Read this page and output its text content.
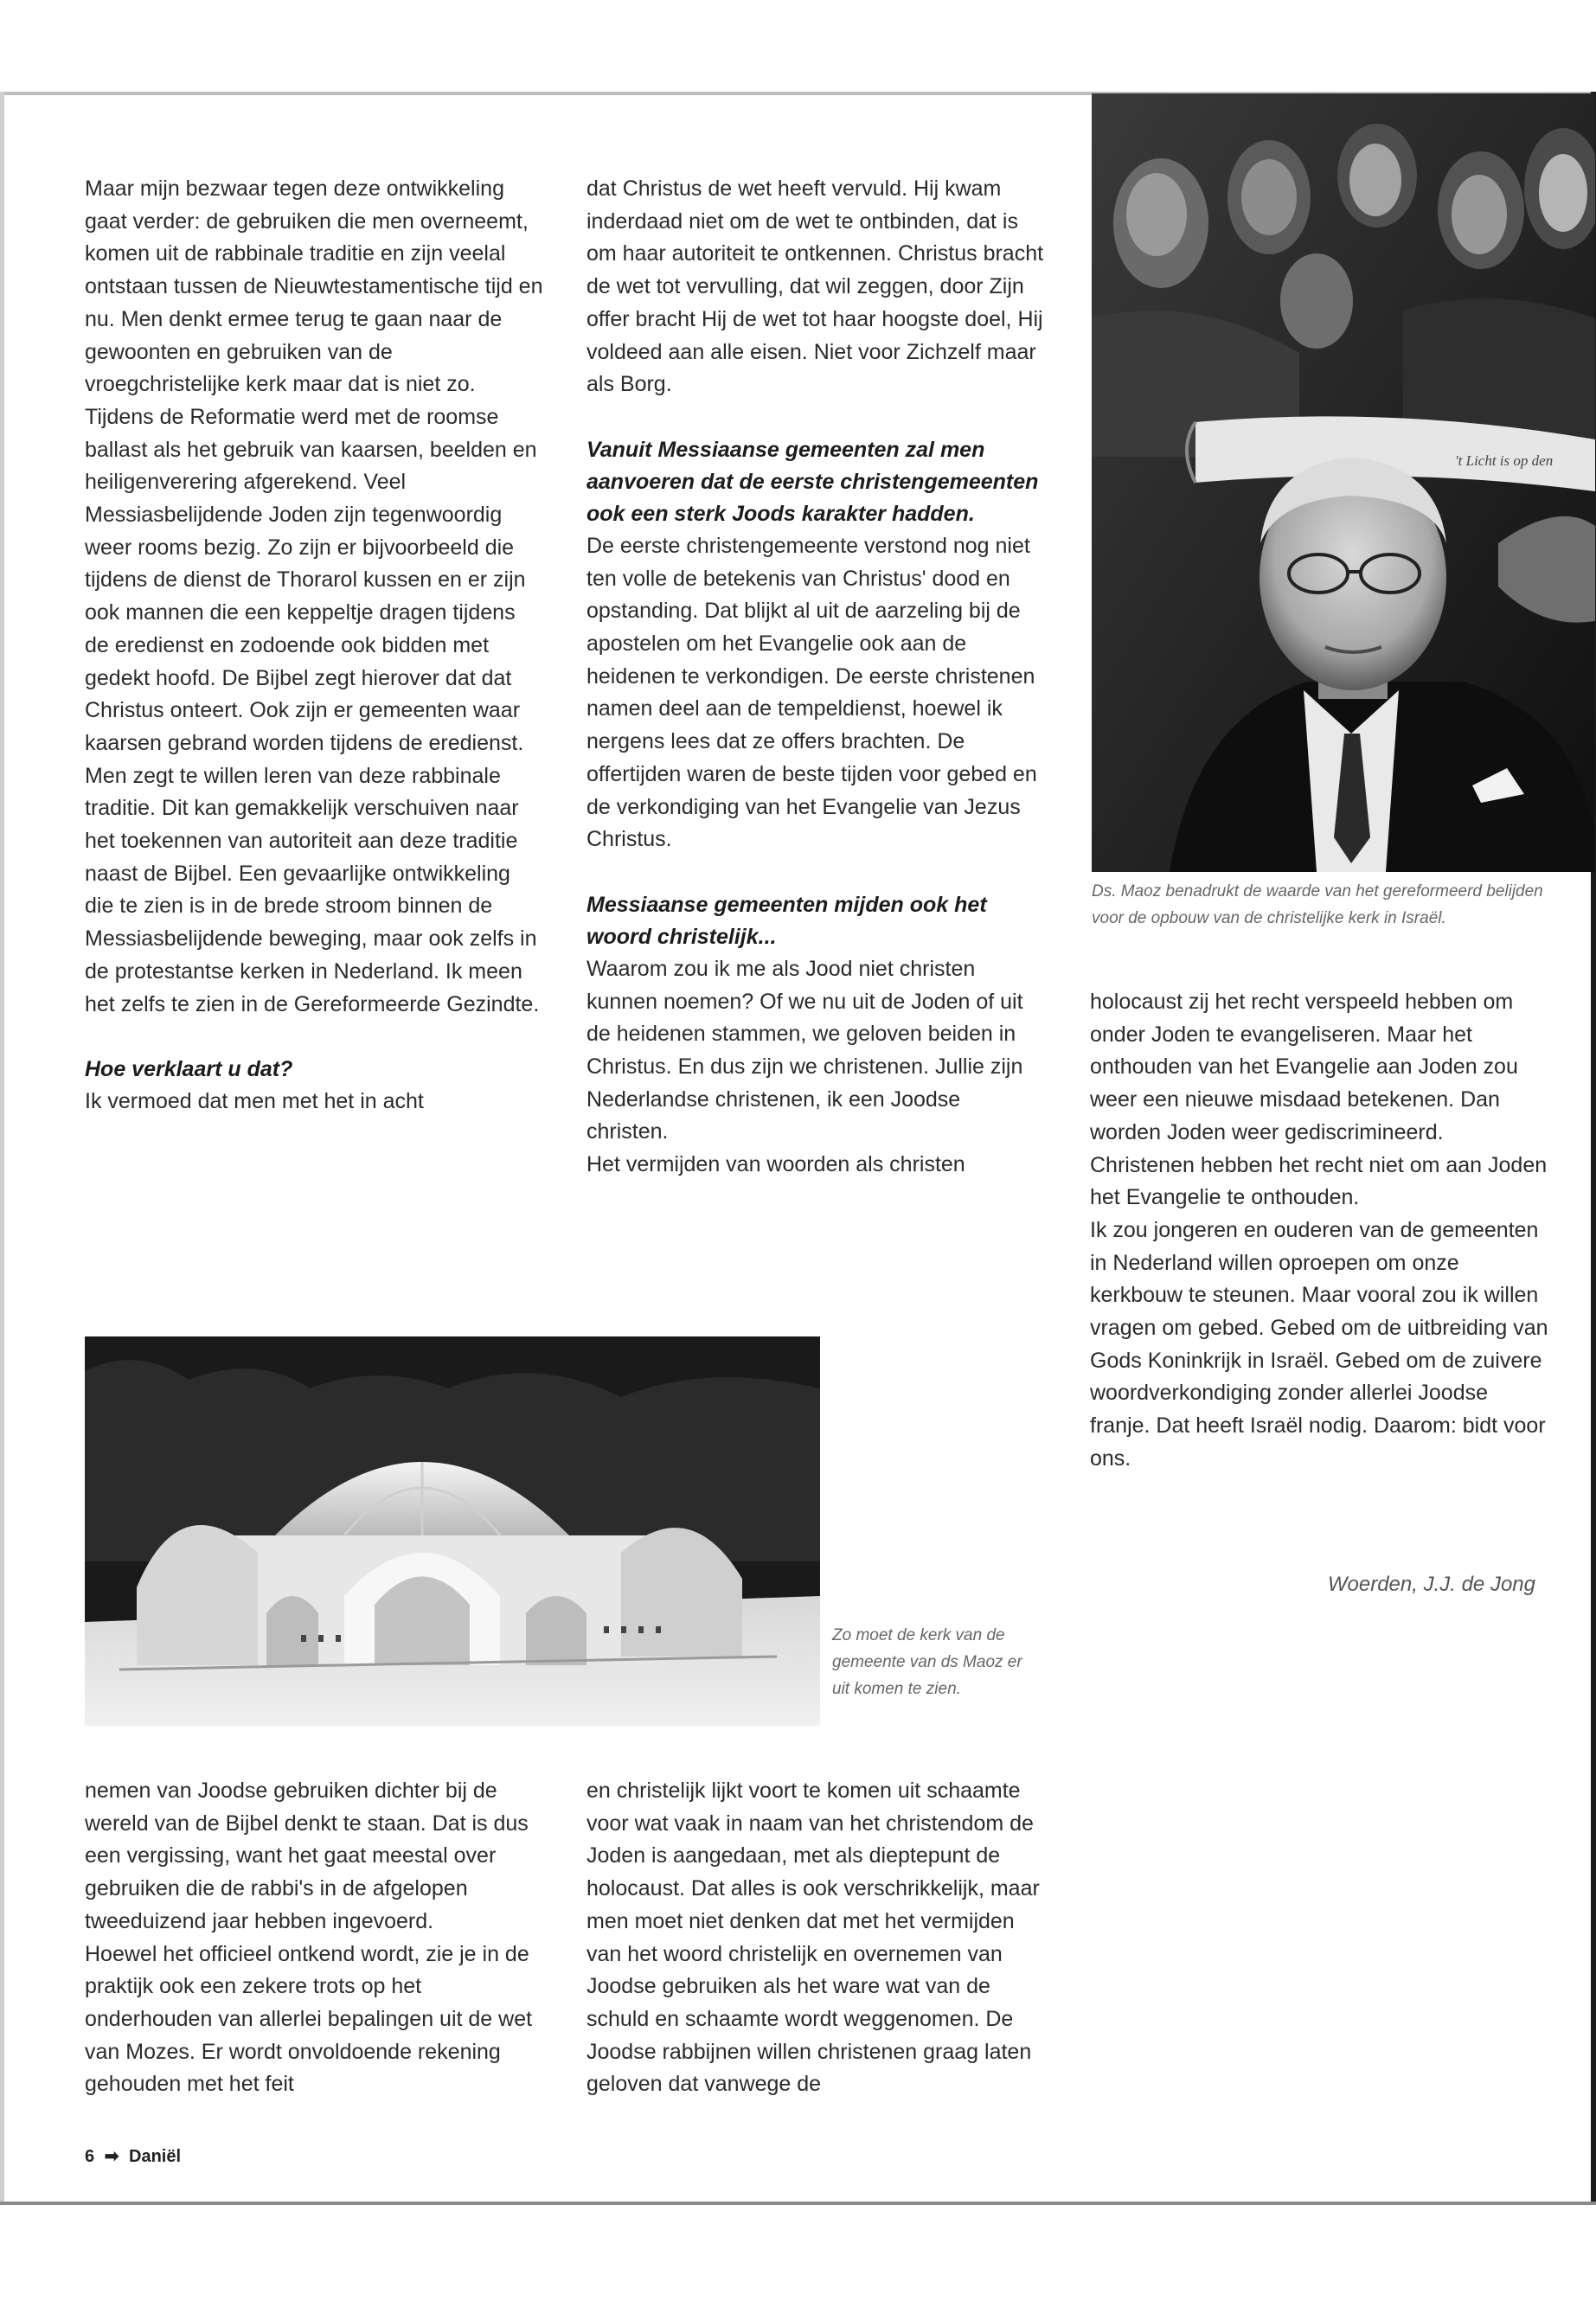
Maar mijn bezwaar tegen deze ontwikkeling gaat verder: de gebruiken die men overneemt, komen uit de rabbinale traditie en zijn veelal ontstaan tussen de Nieuwtestamentische tijd en nu. Men denkt ermee terug te gaan naar de gewoonten en gebruiken van de vroegchristelijke kerk maar dat is niet zo. Tijdens de Reformatie werd met de roomse ballast als het gebruik van kaarsen, beelden en heiligenverering afgerekend. Veel Messiasbelijdende Joden zijn tegenwoordig weer rooms bezig. Zo zijn er bijvoorbeeld die tijdens de dienst de Thorarol kussen en er zijn ook mannen die een keppeltje dragen tijdens de eredienst en zodoende ook bidden met gedekt hoofd. De Bijbel zegt hierover dat dat Christus onteert. Ook zijn er gemeenten waar kaarsen gebrand worden tijdens de eredienst.

Men zegt te willen leren van deze rabbinale traditie. Dit kan gemakkelijk verschuiven naar het toekennen van autoriteit aan deze traditie naast de Bijbel. Een gevaarlijke ontwikkeling die te zien is in de brede stroom binnen de Messiasbelijdende beweging, maar ook zelfs in de protestantse kerken in Nederland. Ik meen het zelfs te zien in de Gereformeerde Gezindte.

Hoe verklaart u dat?

Ik vermoed dat men met het in acht

dat Christus de wet heeft vervuld. Hij kwam inderdaad niet om de wet te ontbinden, dat is om haar autoriteit te ontkennen. Christus bracht de wet tot vervulling, dat wil zeggen, door Zijn offer bracht Hij de wet tot haar hoogste doel, Hij voldeed aan alle eisen. Niet voor Zichzelf maar als Borg.

Vanuit Messiaanse gemeenten zal men aanvoeren dat de eerste christengemeenten ook een sterk Joods karakter hadden.

De eerste christengemeente verstond nog niet ten volle de betekenis van Christus' dood en opstanding. Dat blijkt al uit de aarzeling bij de apostelen om het Evangelie ook aan de heidenen te verkondigen. De eerste christenen namen deel aan de tempeldienst, hoewel ik nergens lees dat ze offers brachten. De offertijden waren de beste tijden voor gebed en de verkondiging van het Evangelie van Jezus Christus.

Messiaanse gemeenten mijden ook het woord christelijk...

Waarom zou ik me als Jood niet christen kunnen noemen? Of we nu uit de Joden of uit de heidenen stammen, we geloven beiden in Christus. En dus zijn we christenen. Jullie zijn Nederlandse christenen, ik een Joodse christen.

Het vermijden van woorden als christen

't Licht is op den
Ds. Maoz benadrukt de waarde van het gereformeerd belijden voor de opbouw van de christelijke kerk in Israël.

holocaust zij het recht verspeeld hebben om onder Joden te evangeliseren. Maar het onthouden van het Evangelie aan Joden zou weer een nieuwe misdaad betekenen. Dan worden Joden weer gediscrimineerd. Christenen hebben het recht niet om aan Joden het Evangelie te onthouden.

Ik zou jongeren en ouderen van de gemeenten in Nederland willen oproepen om onze kerkbouw te steunen. Maar vooral zou ik willen vragen om gebed. Gebed om de uitbreiding van Gods Koninkrijk in Israël. Gebed om de zuivere woordverkondiging zonder allerlei Joodse franje. Dat heeft Israël nodig. Daarom: bidt voor ons.

Woerden, J.J. de Jong
Zo moet de kerk van de gemeente van ds Maoz er uit komen te zien.

nemen van Joodse gebruiken dichter bij de wereld van de Bijbel denkt te staan. Dat is dus een vergissing, want het gaat meestal over gebruiken die de rabbi's in de afgelopen tweeduizend jaar hebben ingevoerd.

Hoewel het officieel ontkend wordt, zie je in de praktijk ook een zekere trots op het onderhouden van allerlei bepalingen uit de wet van Mozes. Er wordt onvoldoende rekening gehouden met het feit

en christelijk lijkt voort te komen uit schaamte voor wat vaak in naam van het christendom de Joden is aangedaan, met als dieptepunt de holocaust. Dat alles is ook verschrikkelijk, maar men moet niet denken dat met het vermijden van het woord christelijk en overnemen van Joodse gebruiken als het ware wat van de schuld en schaamte wordt weggenomen. De Joodse rabbijnen willen christenen graag laten geloven dat vanwege de

6 ➡ Daniël
